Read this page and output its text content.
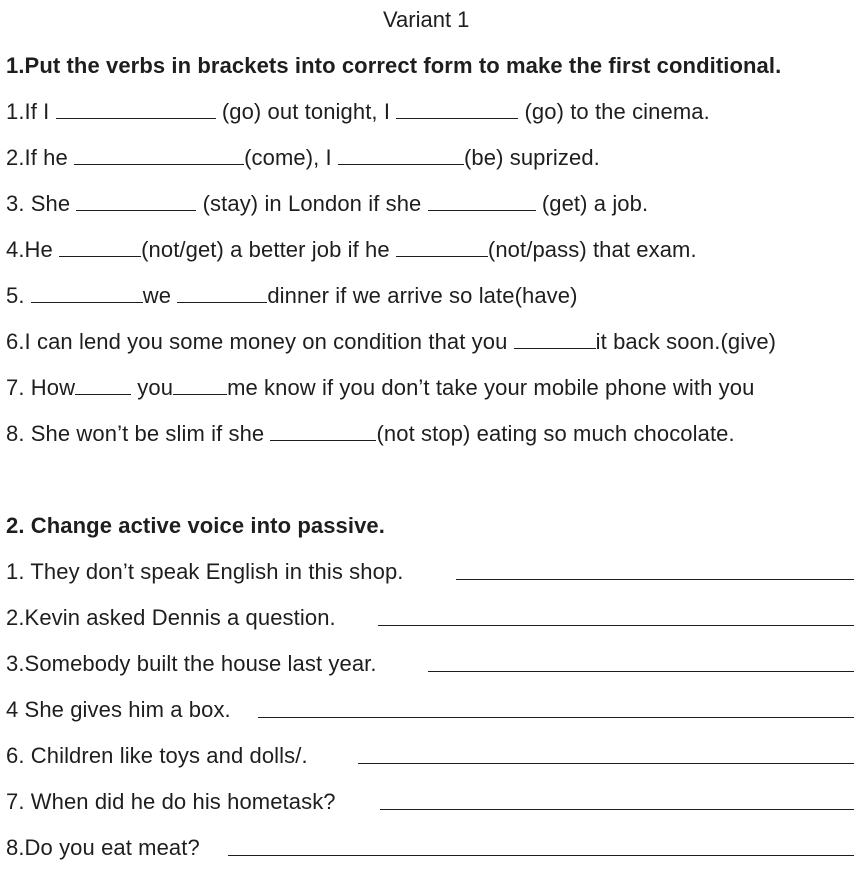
Variant 1
1.Put the verbs in brackets into correct form to make the first conditional.
1.If I	(go) out tonight, I	(go) to the cinema.
2.If he	(come), I	(be) suprized.
3. She	(stay) in London if she	(get) a job.
4.He	(not/get) a better job if he	(not/pass) that exam.
5.	we	dinner if we arrive so late(have)
6.I can lend you some money on condition that you	it back soon.(give)
7. How	you me know if you don’t take your mobile phone with you
8. She won’t be slim if she	(not stop) eating so much chocolate.
2. Change active voice into passive.
1. They don’t speak English in this shop.
2.Kevin asked Dennis a question.
3.Somebody built the house last year.
4 She gives him a box.
6. Children like toys and dolls/.
7. When did he do his hometask?
8.Do you eat meat?
